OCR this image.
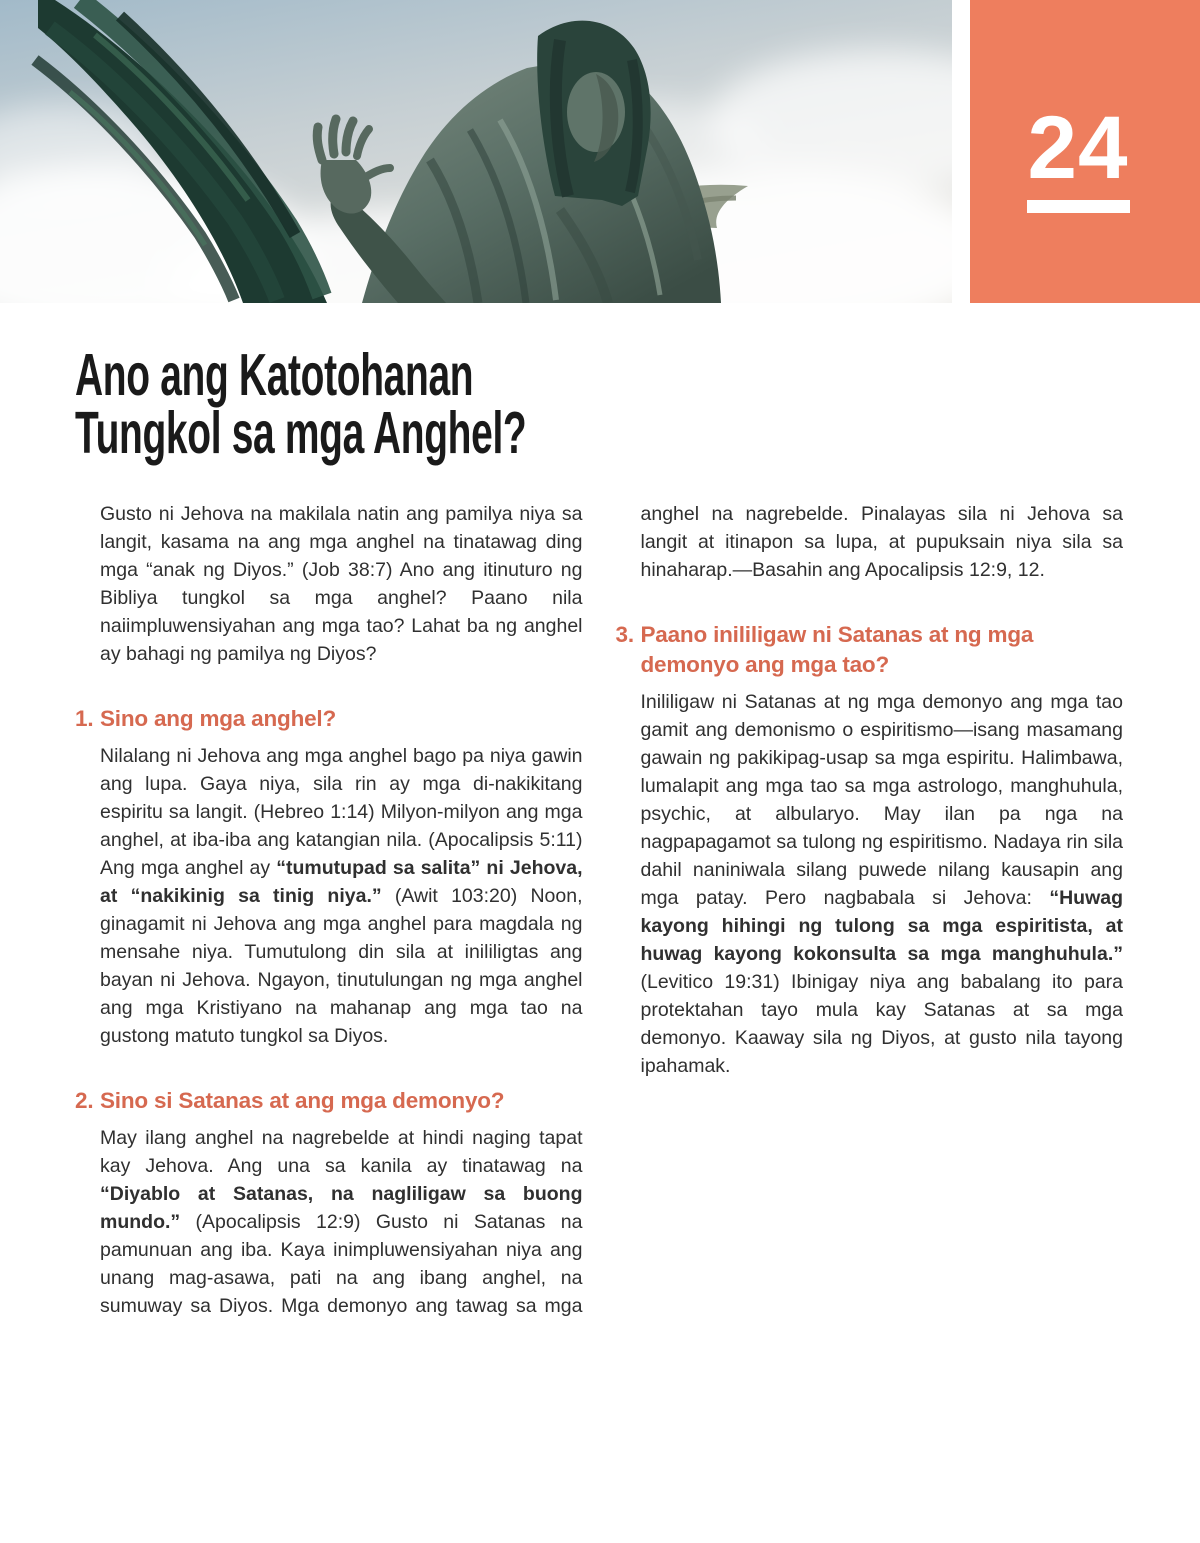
24
Ano ang Katotohanan
Tungkol sa mga Anghel?

Gusto ni Jehova na makilala natin ang pamilya niya sa langit, kasama na ang mga anghel na tinatawag ding mga “anak ng Diyos.” (Job 38:7) Ano ang itinuturo ng Bibliya tungkol sa mga anghel? Paano nila naiimpluwensiyahan ang mga tao? Lahat ba ng anghel ay bahagi ng pamilya ng Diyos?

1. Sino ang mga anghel?

Nilalang ni Jehova ang mga anghel bago pa niya gawin ang lupa. Gaya niya, sila rin ay mga di-nakikitang espiritu sa langit. (Hebreo 1:14) Milyon-milyon ang mga anghel, at iba-iba ang katangian nila. (Apocalipsis 5:11) Ang mga anghel ay “tumutupad sa salita” ni Jehova, at “nakikinig sa tinig niya.” (Awit 103:20) Noon, ginagamit ni Jehova ang mga anghel para magdala ng mensahe niya. Tumutulong din sila at inililigtas ang bayan ni Jehova. Ngayon, tinutulungan ng mga anghel ang mga Kristiyano na mahanap ang mga tao na gustong matuto tungkol sa Diyos.

2. Sino si Satanas at ang mga demonyo?

May ilang anghel na nagrebelde at hindi naging tapat kay Jehova. Ang una sa kanila ay tinatawag na “Diyablo at Satanas, na nagliligaw sa buong mundo.” (Apocalipsis 12:9) Gusto ni Satanas na pamunuan ang iba. Kaya inimpluwensiyahan niya ang unang mag-asawa, pati na ang ibang anghel, na sumuway sa Diyos. Mga demonyo ang tawag sa mga anghel na nagrebelde. Pinalayas sila ni Jehova sa langit at itinapon sa lupa, at pupuksain niya sila sa hinaharap.—Basahin ang Apocalipsis 12:9, 12.

3. Paano inililigaw ni Satanas at ng mga demonyo ang mga tao?

Inililigaw ni Satanas at ng mga demonyo ang mga tao gamit ang demonismo o espiritismo—isang masamang gawain ng pakikipag-usap sa mga espiritu. Halimbawa, lumalapit ang mga tao sa mga astrologo, manghuhula, psychic, at albularyo. May ilan pa nga na nagpapagamot sa tulong ng espiritismo. Nadaya rin sila dahil naniniwala silang puwede nilang kausapin ang mga patay. Pero nagbabala si Jehova: “Huwag kayong hihingi ng tulong sa mga espiritista, at huwag kayong kokonsulta sa mga manghuhula.” (Levitico 19:31) Ibinigay niya ang babalang ito para protektahan tayo mula kay Satanas at sa mga demonyo. Kaaway sila ng Diyos, at gusto nila tayong ipahamak.
